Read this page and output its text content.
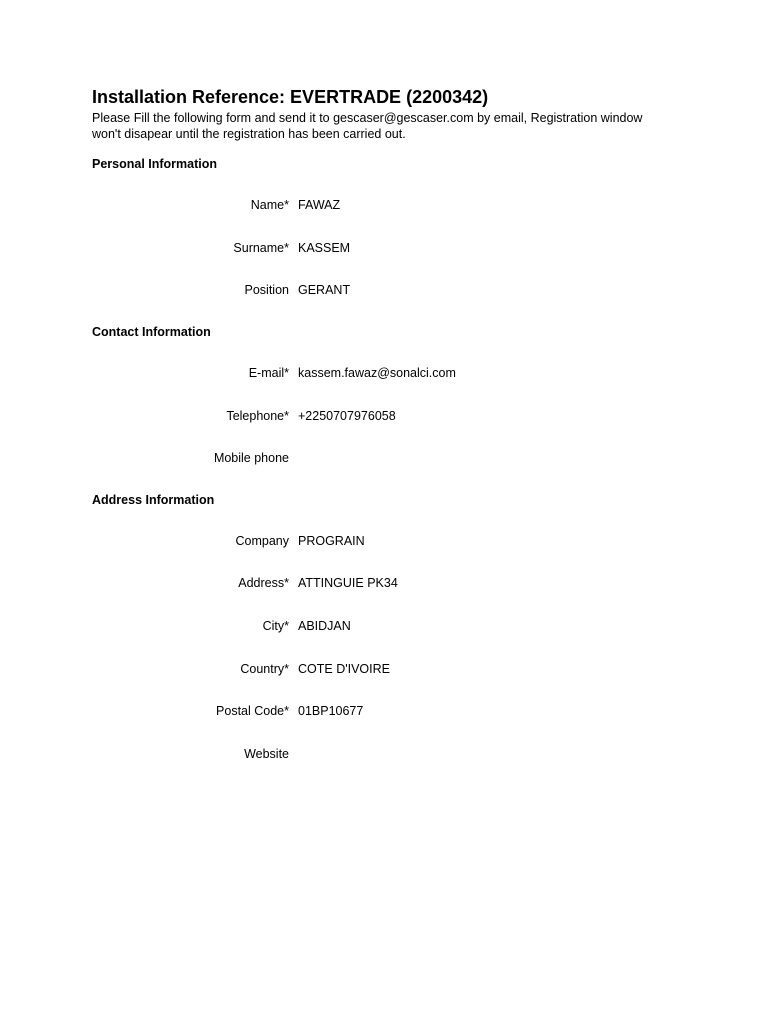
Installation Reference: EVERTRADE (2200342)
Please Fill the following form and send it to gescaser@gescaser.com by email, Registration window won't disapear until the registration has been carried out.
Personal Information
Name* FAWAZ
Surname* KASSEM
Position GERANT
Contact Information
E-mail* kassem.fawaz@sonalci.com
Telephone* +2250707976058
Mobile phone
Address Information
Company PROGRAIN
Address* ATTINGUIE PK34
City* ABIDJAN
Country* COTE D'IVOIRE
Postal Code* 01BP10677
Website
